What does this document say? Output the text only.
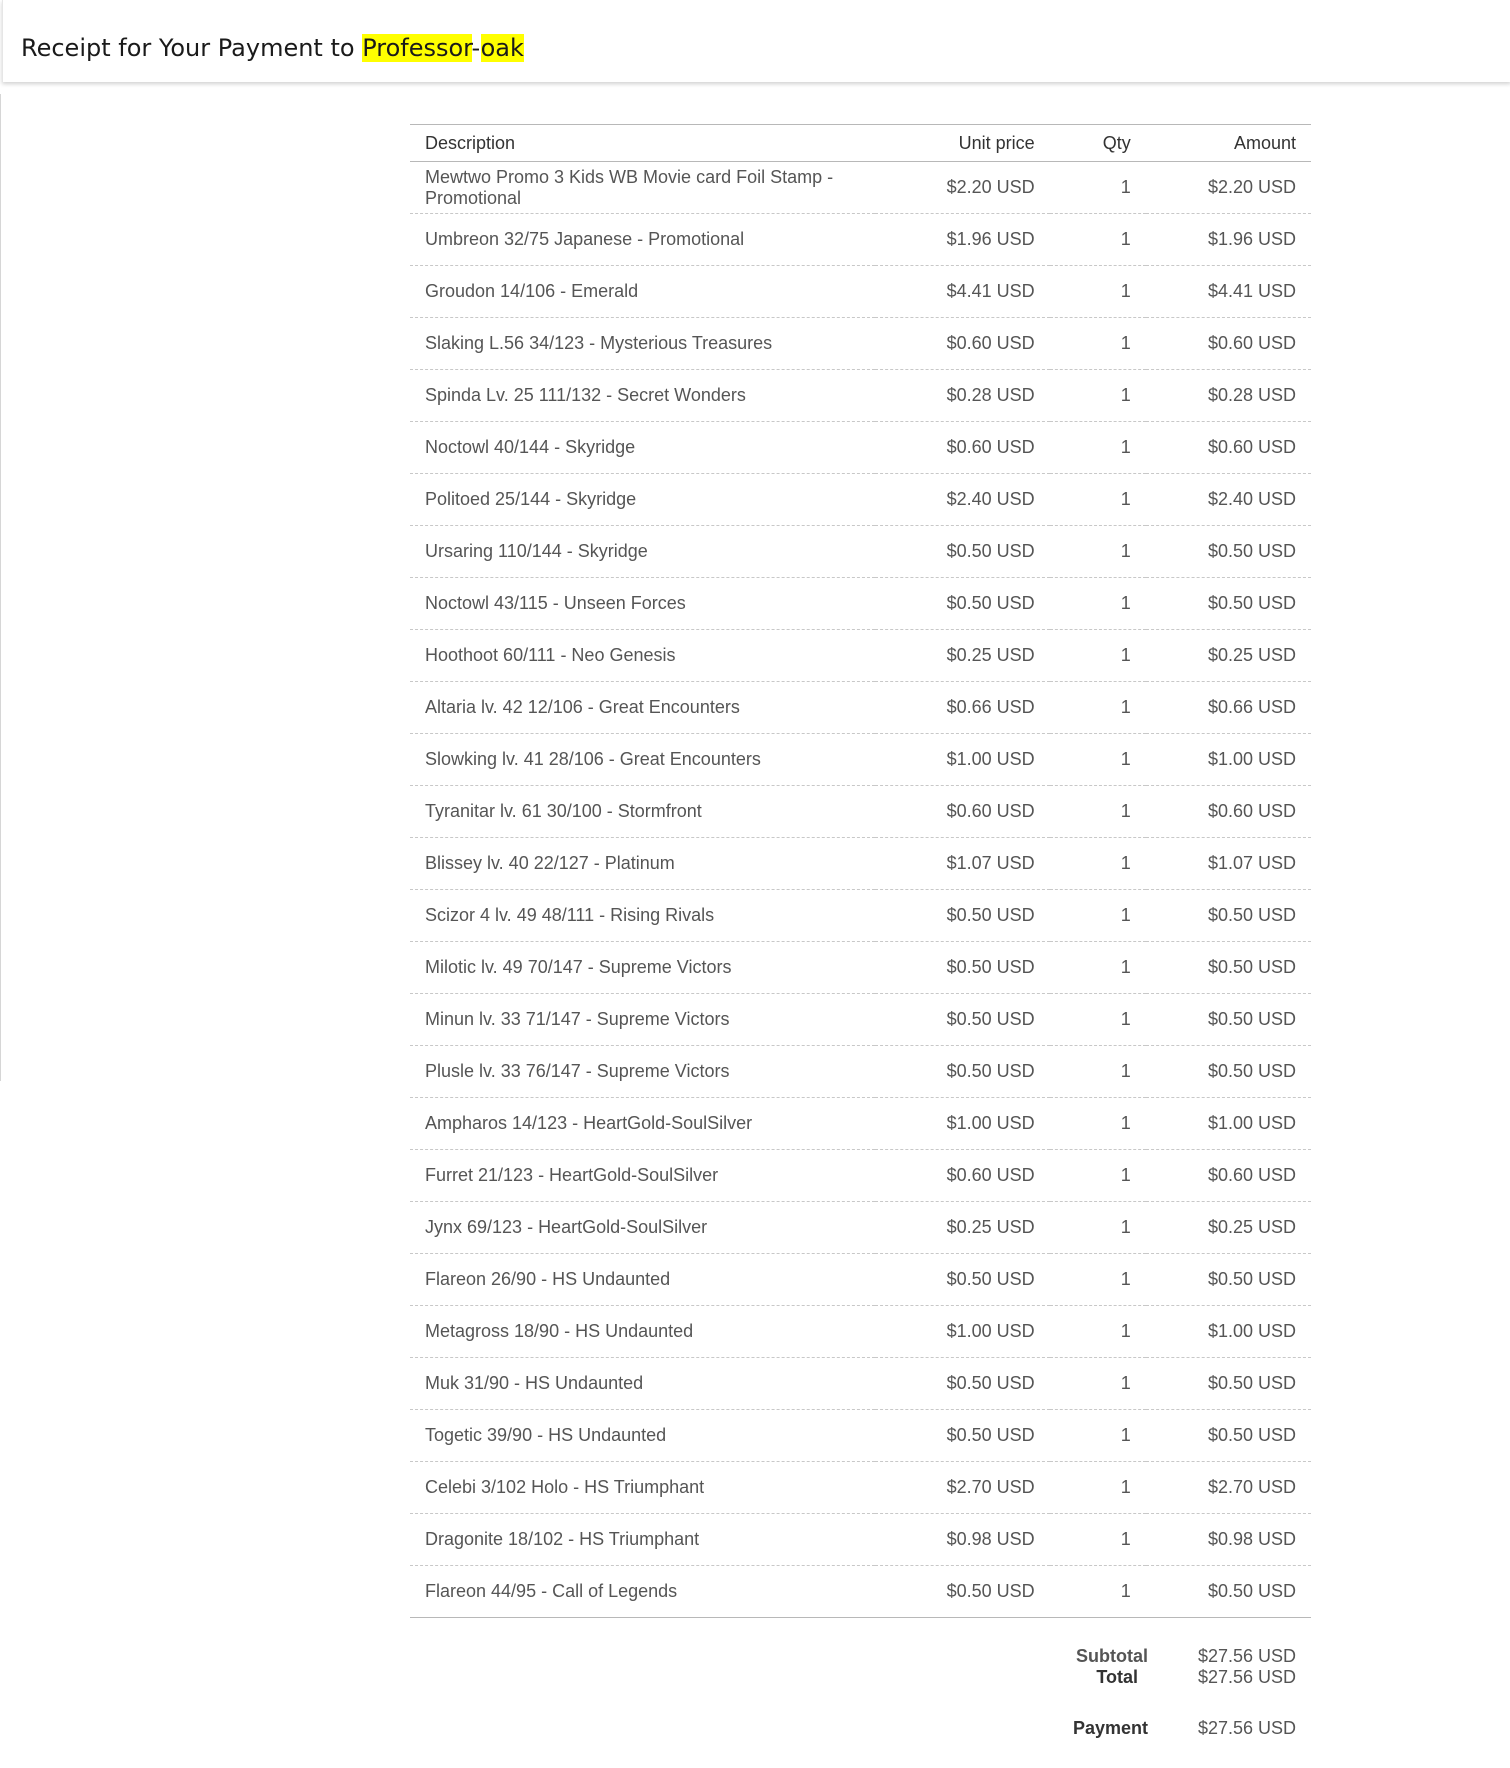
Receipt for Your Payment to Professor-oak
Description	Unit price	Qty	Amount

Mewtwo Promo 3 Kids WB Movie card Foil Stamp - Promotional	$2.20 USD	1	$2.20 USD

Umbreon 32/75 Japanese - Promotional	$1.96 USD	1	$1.96 USD

Groudon 14/106 - Emerald	$4.41 USD	1	$4.41 USD

Slaking L.56 34/123 - Mysterious Treasures	$0.60 USD	1	$0.60 USD

Spinda Lv. 25 111/132 - Secret Wonders	$0.28 USD	1	$0.28 USD

Noctowl 40/144 - Skyridge	$0.60 USD	1	$0.60 USD

Politoed 25/144 - Skyridge	$2.40 USD	1	$2.40 USD

Ursaring 110/144 - Skyridge	$0.50 USD	1	$0.50 USD

Noctowl 43/115 - Unseen Forces	$0.50 USD	1	$0.50 USD

Hoothoot 60/111 - Neo Genesis	$0.25 USD	1	$0.25 USD

Altaria lv. 42 12/106 - Great Encounters	$0.66 USD	1	$0.66 USD

Slowking lv. 41 28/106 - Great Encounters	$1.00 USD	1	$1.00 USD

Tyranitar lv. 61 30/100 - Stormfront	$0.60 USD	1	$0.60 USD

Blissey lv. 40 22/127 - Platinum	$1.07 USD	1	$1.07 USD

Scizor 4 lv. 49 48/111 - Rising Rivals	$0.50 USD	1	$0.50 USD

Milotic lv. 49 70/147 - Supreme Victors	$0.50 USD	1	$0.50 USD

Minun lv. 33 71/147 - Supreme Victors	$0.50 USD	1	$0.50 USD

Plusle lv. 33 76/147 - Supreme Victors	$0.50 USD	1	$0.50 USD

Ampharos 14/123 - HeartGold-SoulSilver	$1.00 USD	1	$1.00 USD

Furret 21/123 - HeartGold-SoulSilver	$0.60 USD	1	$0.60 USD

Jynx 69/123 - HeartGold-SoulSilver	$0.25 USD	1	$0.25 USD

Flareon 26/90 - HS Undaunted	$0.50 USD	1	$0.50 USD

Metagross 18/90 - HS Undaunted	$1.00 USD	1	$1.00 USD

Muk 31/90 - HS Undaunted	$0.50 USD	1	$0.50 USD

Togetic 39/90 - HS Undaunted	$0.50 USD	1	$0.50 USD

Celebi 3/102 Holo - HS Triumphant	$2.70 USD	1	$2.70 USD

Dragonite 18/102 - HS Triumphant	$0.98 USD	1	$0.98 USD

Flareon 44/95 - Call of Legends	$0.50 USD	1	$0.50 USD
Subtotal	$27.56 USD
Total	$27.56 USD
Payment	$27.56 USD
